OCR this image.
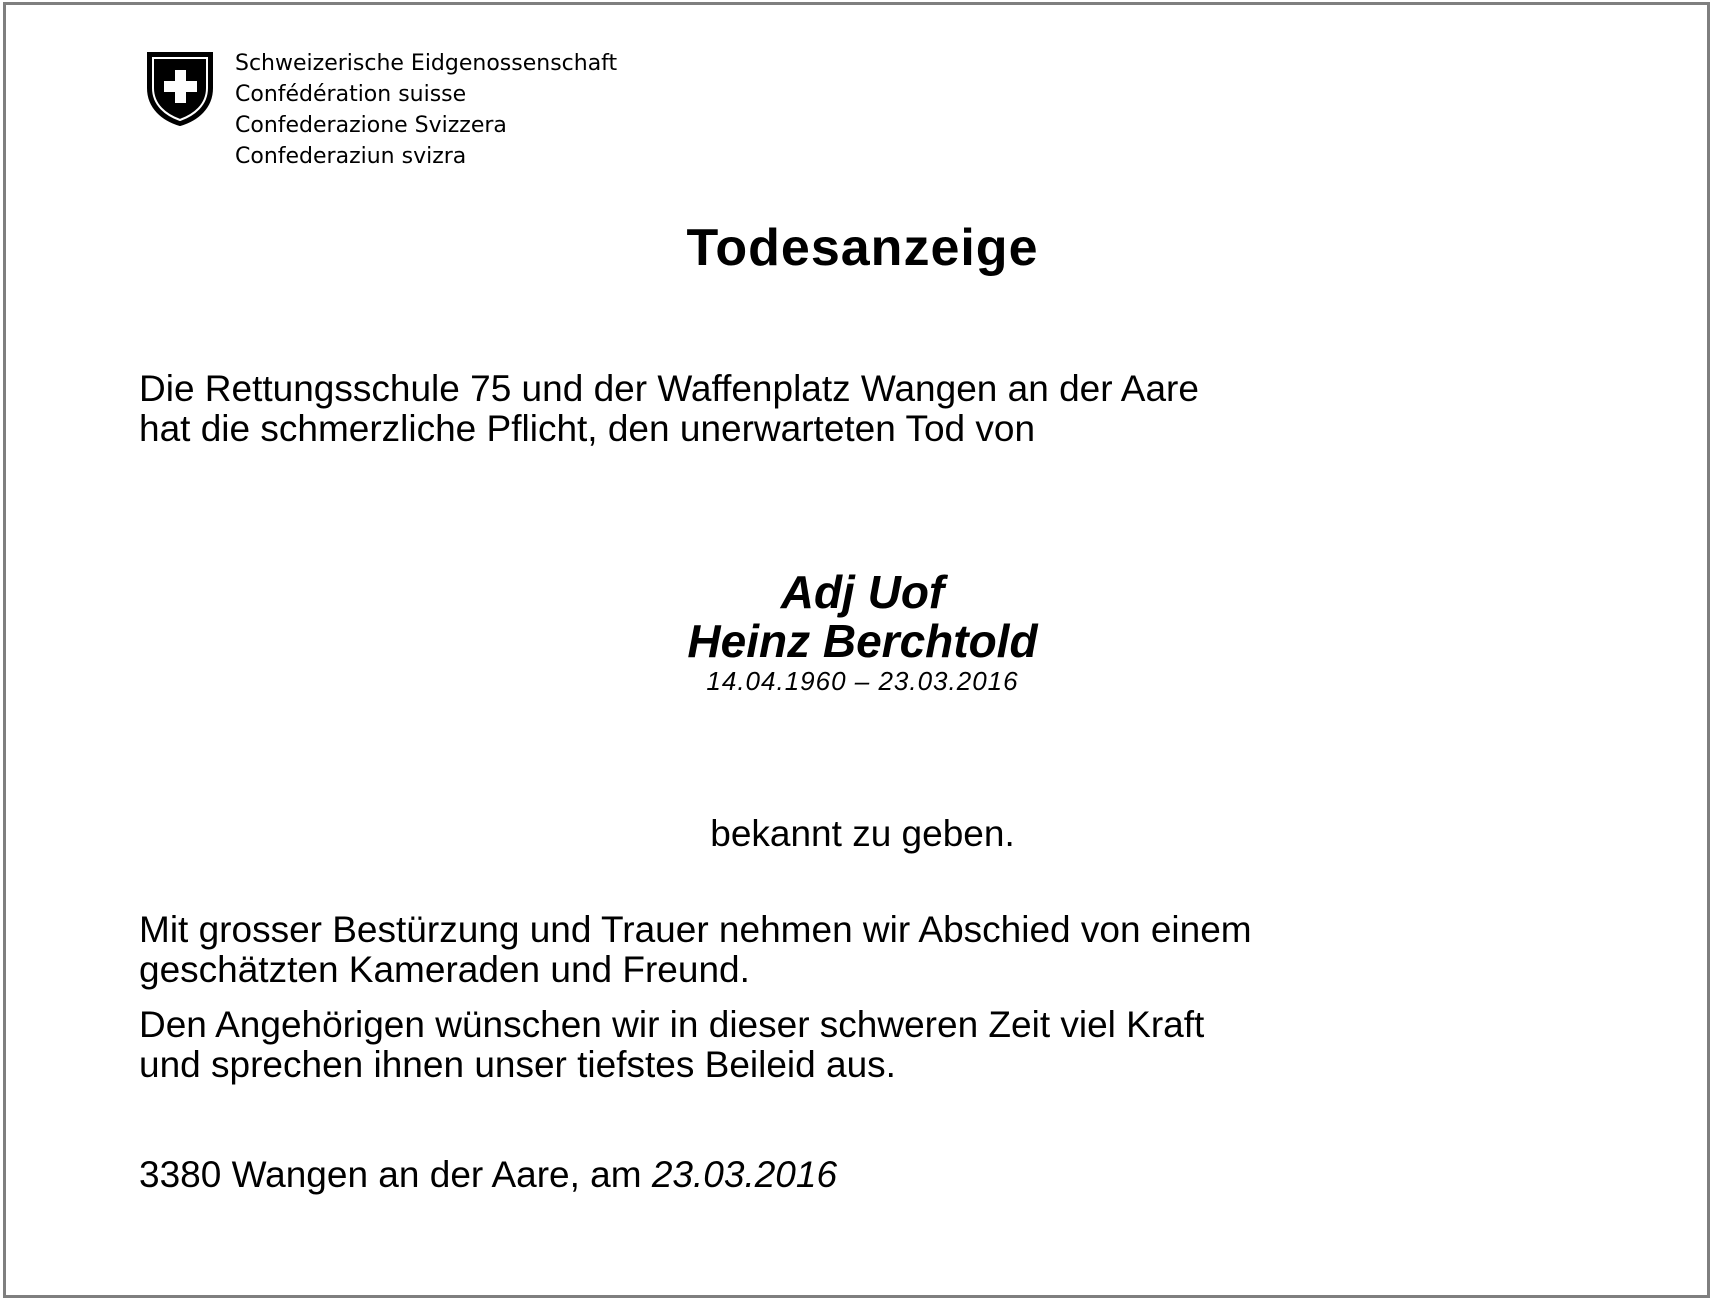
Schweizerische Eidgenossenschaft
Confédération suisse
Confederazione Svizzera
Confederaziun svizra
Todesanzeige
Die Rettungsschule 75 und der Waffenplatz Wangen an der Aare
hat die schmerzliche Pflicht, den unerwarteten Tod von
Adj Uof
Heinz Berchtold
14.04.1960 – 23.03.2016
bekannt zu geben.
Mit grosser Bestürzung und Trauer nehmen wir Abschied von einem
geschätzten Kameraden und Freund.
Den Angehörigen wünschen wir in dieser schweren Zeit viel Kraft
und sprechen ihnen unser tiefstes Beileid aus.
3380 Wangen an der Aare, am 23.03.2016
